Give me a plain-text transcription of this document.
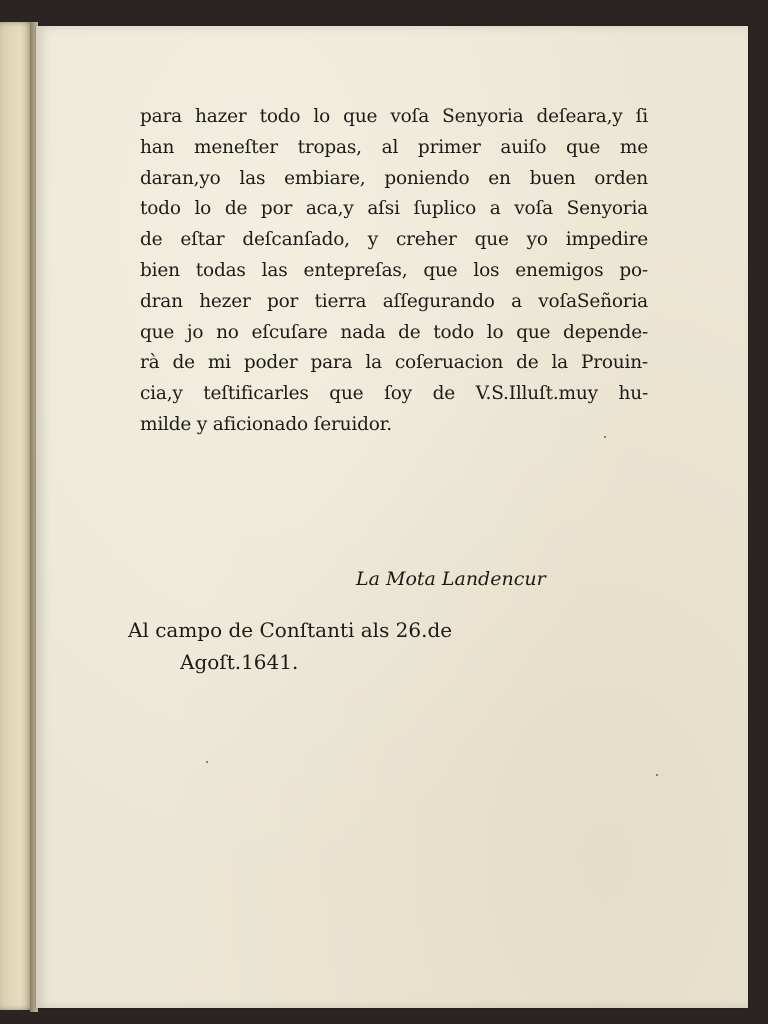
para hazer todo lo que voſa Senyoria deſeara,y ſi
han meneſter tropas, al primer auiſo que me
daran,yo las embiare, poniendo en buen orden
todo lo de por aca,y aſsi ſuplico a voſa Senyoria
de eſtar deſcanſado, y creher que yo impedire
bien todas las entepreſas, que los enemigos po-
dran hezer por tierra aſſegurando a voſaSeñoria
que jo no eſcuſare nada de todo lo que depende-
rà de mi poder para la coſeruacion de la Prouin-
cia,y teſtificarles que ſoy de V.S.Illuſt.muy hu-
milde y aficionado ſeruidor.

La Mota Landencur

Al campo de Conſtanti als 26.de
Agoſt.1641.
